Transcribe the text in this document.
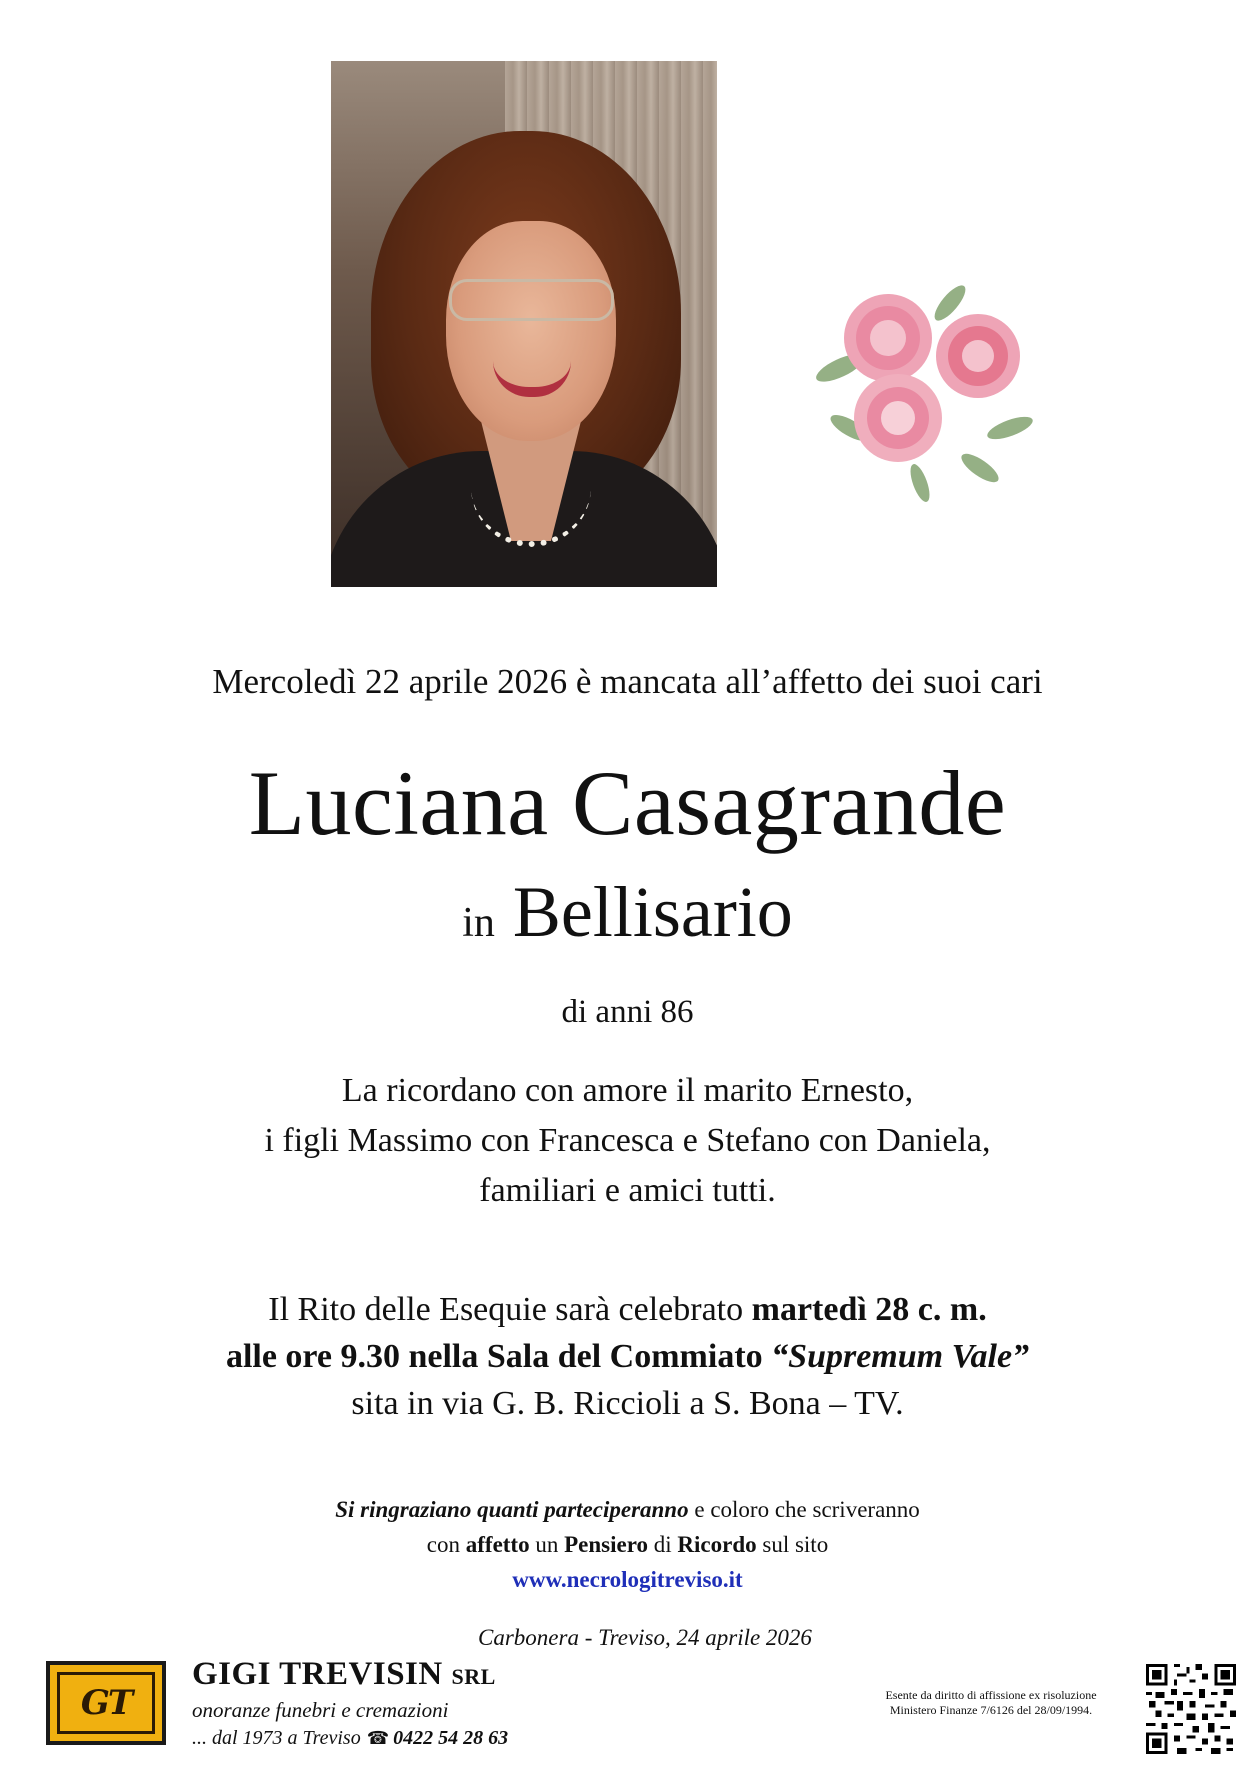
Mercoledì 22 aprile 2026 è mancata all’affetto dei suoi cari

Luciana Casagrande

in Bellisario

di anni 86

La ricordano con amore il marito Ernesto,
i figli Massimo con Francesca e Stefano con Daniela,
familiari e amici tutti.
Il Rito delle Esequie sarà celebrato martedì 28 c. m.
alle ore 9.30 nella Sala del Commiato “Supremum Vale”
sita in via G. B. Riccioli a S. Bona – TV.
Si ringraziano quanti parteciperanno e coloro che scriveranno
con affetto un Pensiero di Ricordo sul sito
www.necrologitreviso.it
Carbonera - Treviso, 24 aprile 2026
GT
GIGI TREVISIN SRL
onoranze funebri e cremazioni
... dal 1973 a Treviso ☎ 0422 54 28 63
Esente da diritto di affissione ex risoluzione
Ministero Finanze 7/6126 del 28/09/1994.
